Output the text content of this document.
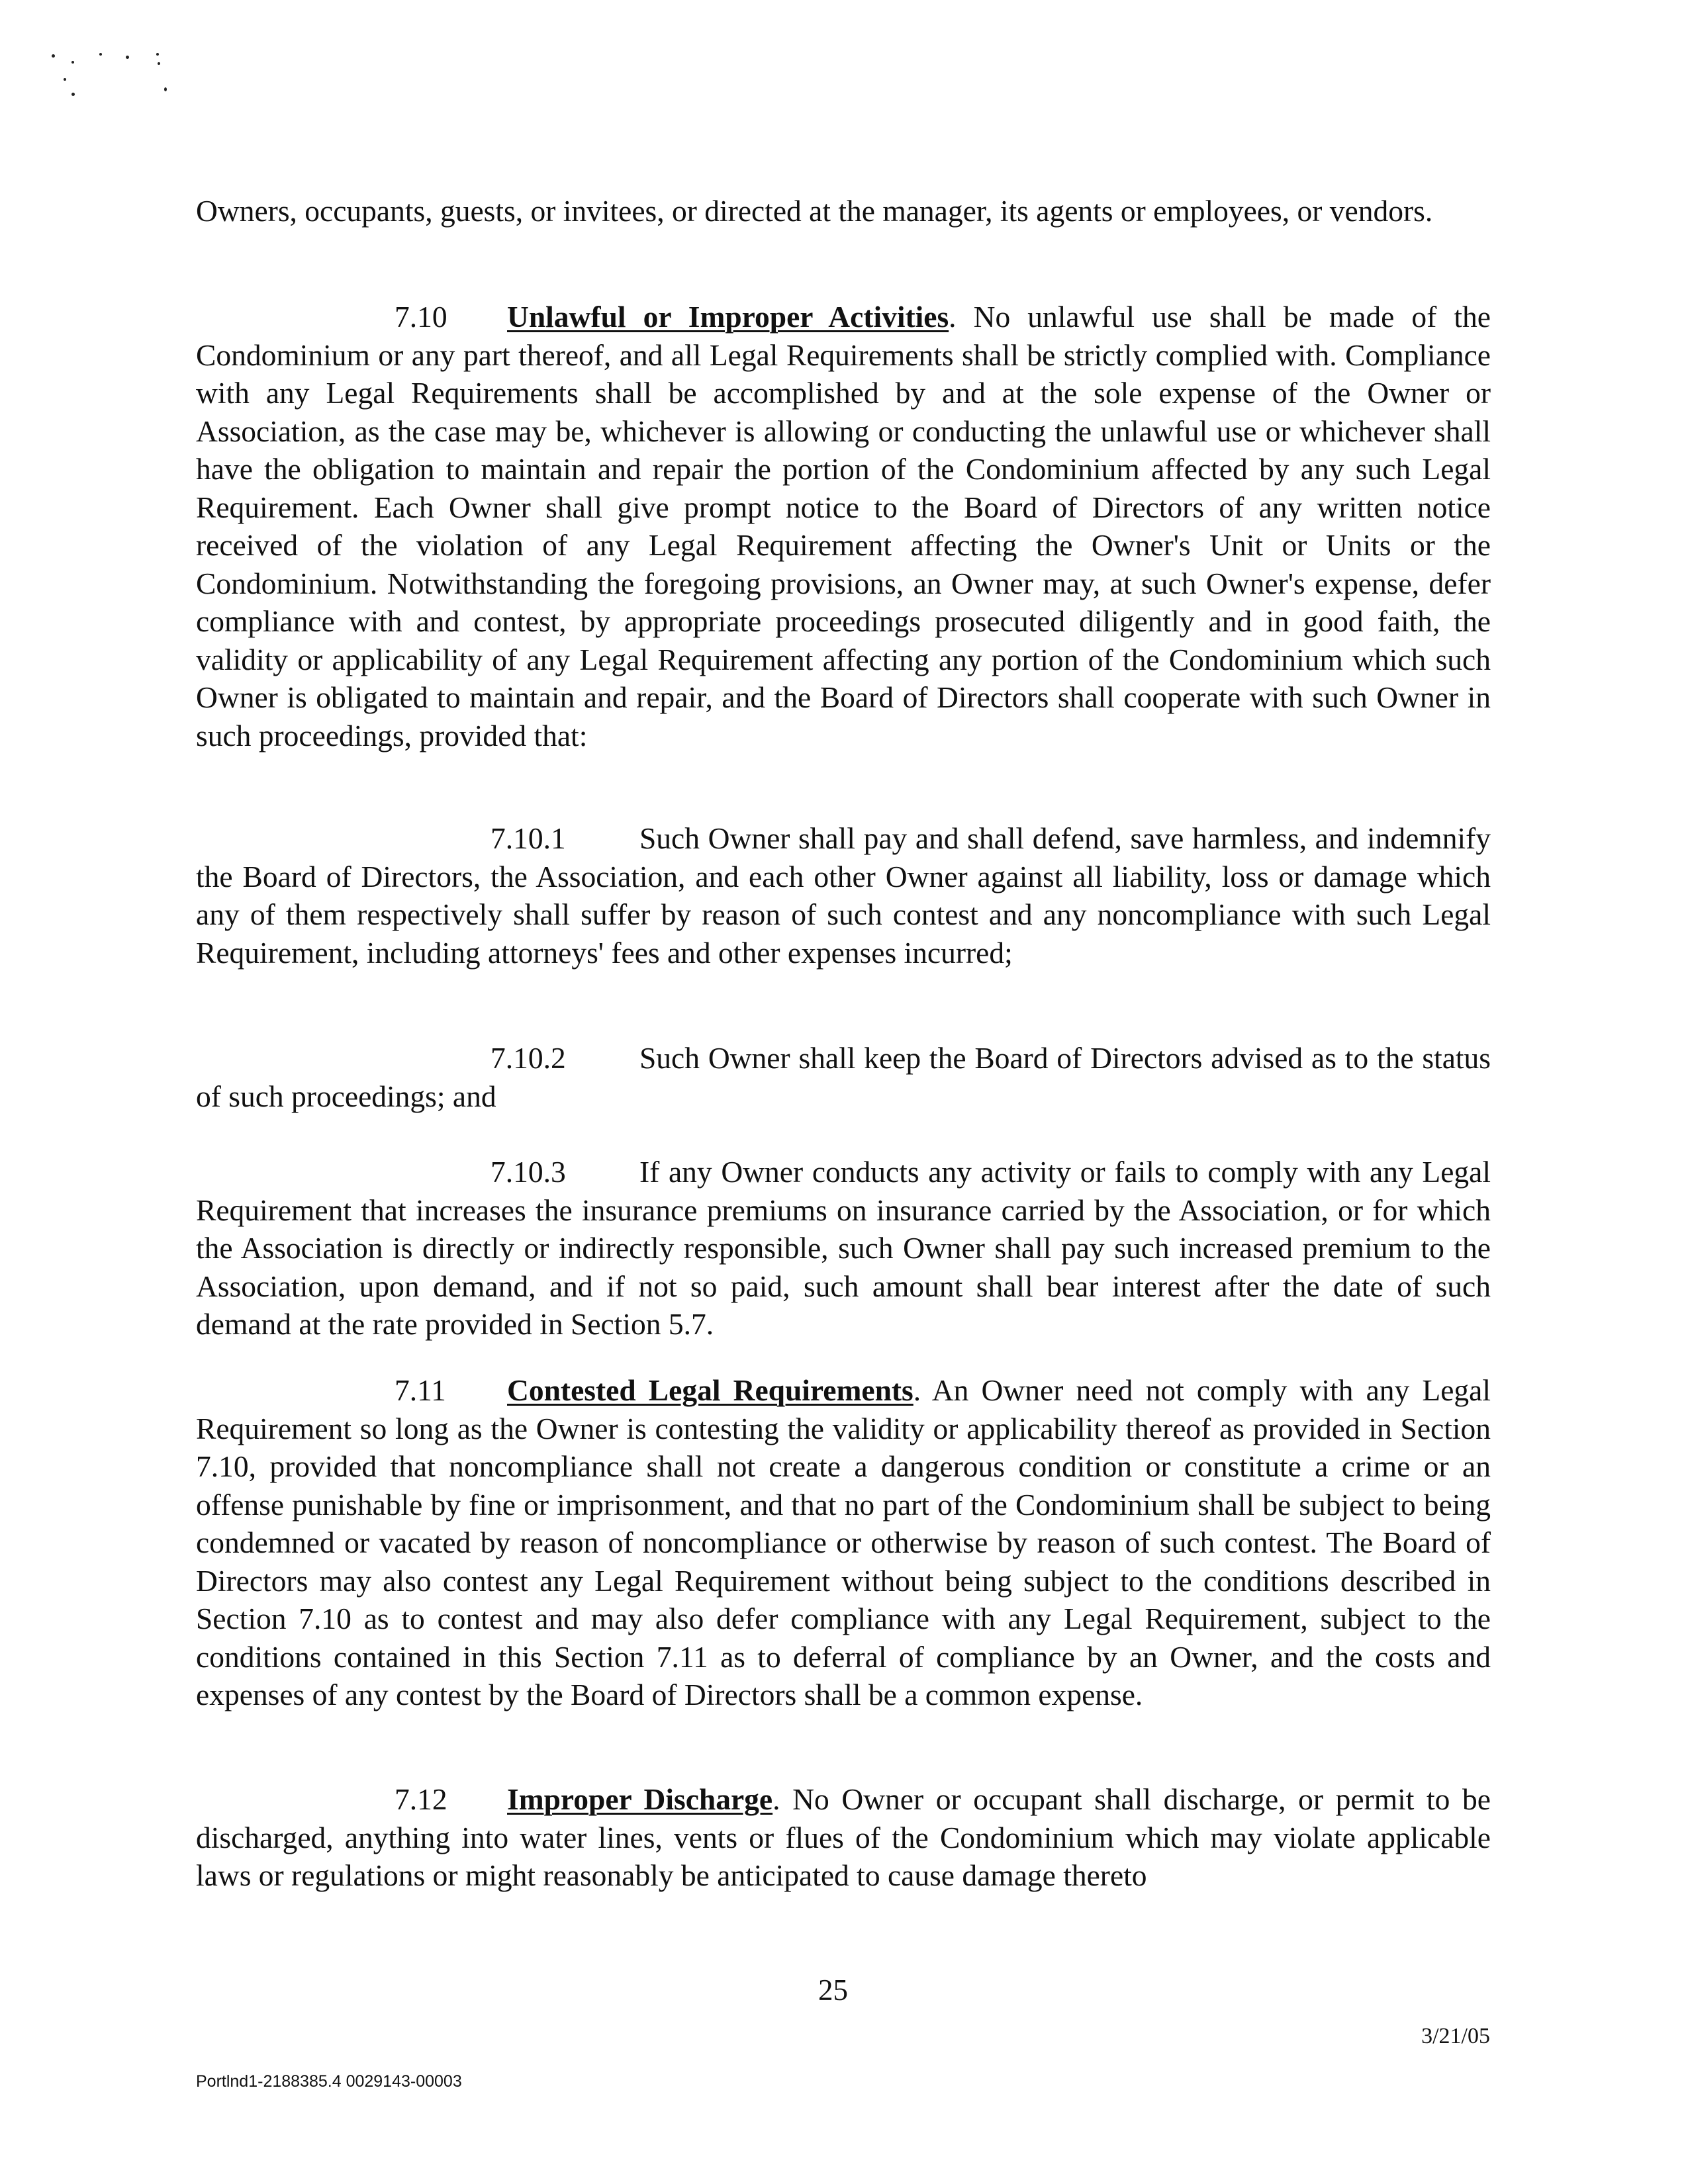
Owners, occupants, guests, or invitees, or directed at the manager, its agents or employees, or vendors.

7.10 Unlawful or Improper Activities. No unlawful use shall be made of the Condominium or any part thereof, and all Legal Requirements shall be strictly complied with. Compliance with any Legal Requirements shall be accomplished by and at the sole expense of the Owner or Association, as the case may be, whichever is allowing or conducting the unlawful use or whichever shall have the obligation to maintain and repair the portion of the Condominium affected by any such Legal Requirement. Each Owner shall give prompt notice to the Board of Directors of any written notice received of the violation of any Legal Requirement affecting the Owner's Unit or Units or the Condominium. Notwithstanding the foregoing provisions, an Owner may, at such Owner's expense, defer compliance with and contest, by appropriate proceedings prosecuted diligently and in good faith, the validity or applicability of any Legal Requirement affecting any portion of the Condominium which such Owner is obligated to maintain and repair, and the Board of Directors shall cooperate with such Owner in such proceedings, provided that:

7.10.1 Such Owner shall pay and shall defend, save harmless, and indemnify the Board of Directors, the Association, and each other Owner against all liability, loss or damage which any of them respectively shall suffer by reason of such contest and any noncompliance with such Legal Requirement, including attorneys' fees and other expenses incurred;

7.10.2 Such Owner shall keep the Board of Directors advised as to the status of such proceedings; and

7.10.3 If any Owner conducts any activity or fails to comply with any Legal Requirement that increases the insurance premiums on insurance carried by the Association, or for which the Association is directly or indirectly responsible, such Owner shall pay such increased premium to the Association, upon demand, and if not so paid, such amount shall bear interest after the date of such demand at the rate provided in Section 5.7.

7.11 Contested Legal Requirements. An Owner need not comply with any Legal Requirement so long as the Owner is contesting the validity or applicability thereof as provided in Section 7.10, provided that noncompliance shall not create a dangerous condition or constitute a crime or an offense punishable by fine or imprisonment, and that no part of the Condominium shall be subject to being condemned or vacated by reason of noncompliance or otherwise by reason of such contest. The Board of Directors may also contest any Legal Requirement without being subject to the conditions described in Section 7.10 as to contest and may also defer compliance with any Legal Requirement, subject to the conditions contained in this Section 7.11 as to deferral of compliance by an Owner, and the costs and expenses of any contest by the Board of Directors shall be a common expense.

7.12 Improper Discharge. No Owner or occupant shall discharge, or permit to be discharged, anything into water lines, vents or flues of the Condominium which may violate applicable laws or regulations or might reasonably be anticipated to cause damage thereto

25
3/21/05
Portlnd1-2188385.4 0029143-00003
